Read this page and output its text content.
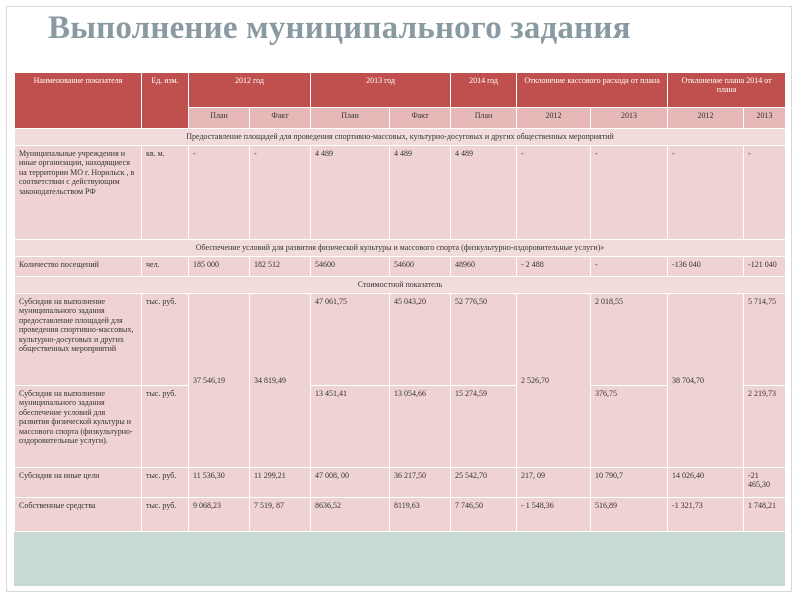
Выполнение муниципального задания
Наименование показателя	Ед. изм.	2012 год		2013 год		2014 год	Отклонение кассового расхода от плана		Отклонение плана 2014 от плана	
		План	Факт	План	Факт	План	2012	2013	2012	2013
Предоставление площадей для проведения спортивно-массовых, культурно-досуговых и других общественных мероприятий										
Муниципальные учреждения и иные организации, находящиеся на территории МО г. Норильск , в соответствии с действующим законодательством РФ	кв. м.	-	-	4 489	4 489	4 489	-	-	-	-
Обеспечение условий для развития физической культуры и массового спорта (физкультурно-оздоровительные услуги)»										
Количество посещений	чел.	185 000	182 512	54600	54600	48960	- 2 488	-	-136 040	-121 040
Стоимостной показатель										
Субсидия на выполнение муниципального задания предоставление площадей для проведения спортивно-массовых, культурно-досуговых и других общественных мероприятий	тыс. руб.	37 546,19	34 819,49	47 061,75	45 043,20	52 776,50	2 526,70	2 018,55	38 704,70	5 714,75
Субсидия на выполнение муниципального задания обеспечение условий для развития физической культуры и массового спорта (физкультурно-оздоровительные услуги).	тыс. руб.			13 451,41	13 054,66	15 274,59		376,75		2 219,73
Субсидия на иные цели	тыс. руб.	11 536,30	11 299,21	47 008, 00	36 217,50	25 542,70	217, 09	10 790,7	14 026,40	-21 465,30
Собственные средства	тыс. руб.	9 068,23	7 519, 87	8636,52	8119,63	7 746,50	- 1 548,36	516,89	-1 321,73	1 748,21
